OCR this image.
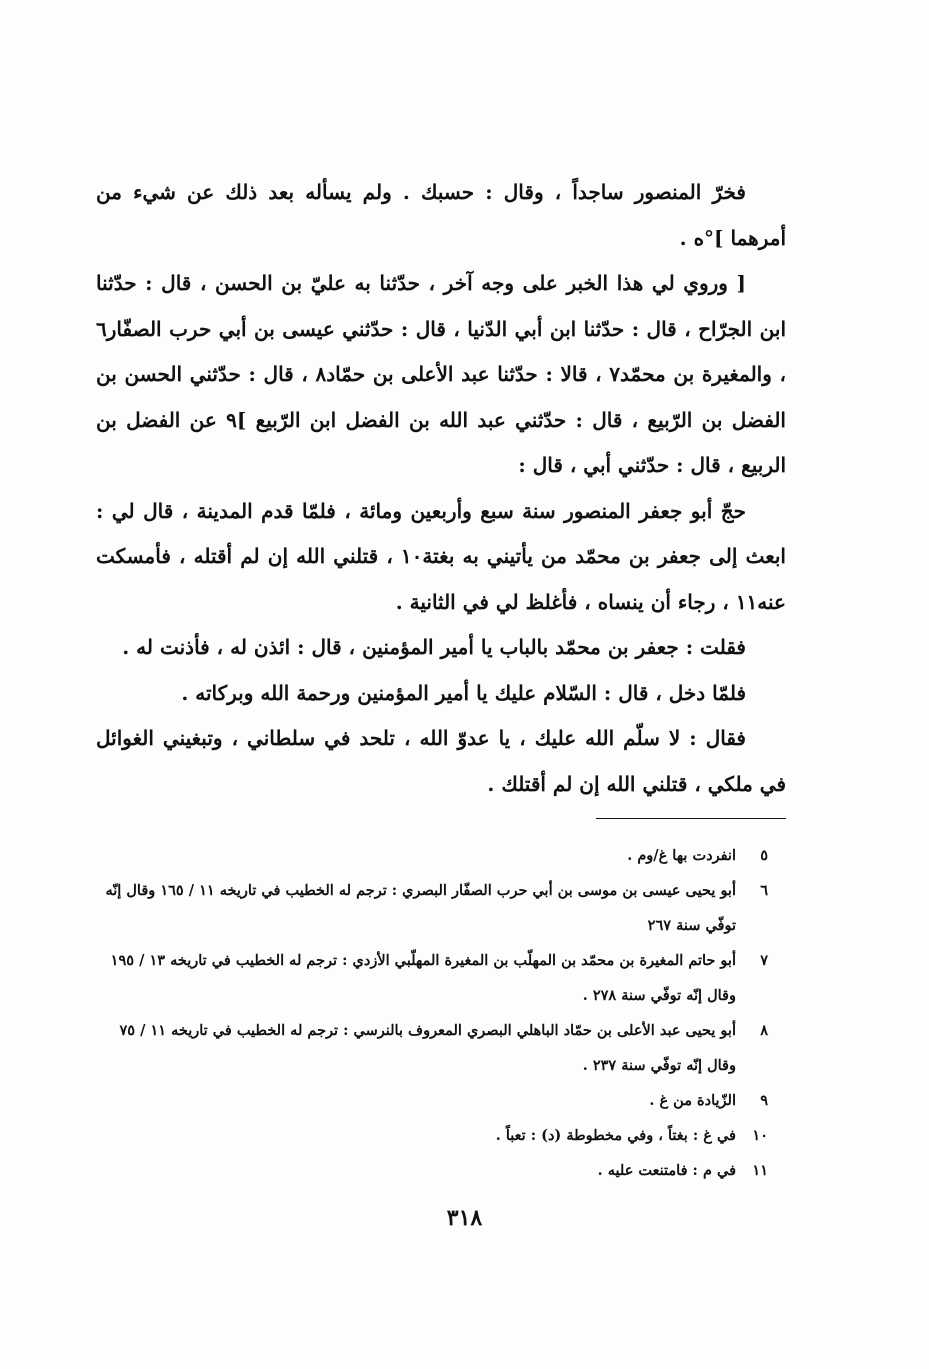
فخرّ المنصور ساجداً ، وقال : حسبك . ولم يسأله بعد ذلك عن شيء من أمرهما ]°ه .

[ وروي لي هذا الخبر على وجه آخر ، حدّثنا به عليّ بن الحسن ، قال : حدّثنا ابن الجرّاح ، قال : حدّثنا ابن أبي الدّنيا ، قال : حدّثني عيسى بن أبي حرب الصفّار٦ ، والمغيرة بن محمّد٧ ، قالا : حدّثنا عبد الأعلى بن حمّاد٨ ، قال : حدّثني الحسن بن الفضل بن الرّبيع ، قال : حدّثني عبد الله بن الفضل ابن الرّبيع ]٩ عن الفضل بن الربيع ، قال : حدّثني أبي ، قال :

حجّ أبو جعفر المنصور سنة سبع وأربعين ومائة ، فلمّا قدم المدينة ، قال لي : ابعث إلى جعفر بن محمّد من يأتيني به بغتة١٠ ، قتلني الله إن لم أقتله ، فأمسكت عنه١١ ، رجاء أن ينساه ، فأغلظ لي في الثانية .

فقلت : جعفر بن محمّد بالباب يا أمير المؤمنين ، قال : ائذن له ، فأذنت له .

فلمّا دخل ، قال : السّلام عليك يا أمير المؤمنين ورحمة الله وبركاته .

فقال : لا سلّم الله عليك ، يا عدوّ الله ، تلحد في سلطاني ، وتبغيني الغوائل في ملكي ، قتلني الله إن لم أقتلك .

٥
انفردت بها غ/وم .
٦
أبو يحيى عيسى بن موسى بن أبي حرب الصفّار البصري : ترجم له الخطيب في تاريخه ١١ / ١٦٥ وقال إنّه توفّي سنة ٢٦٧
٧
أبو حاتم المغيرة بن محمّد بن المهلّب بن المغيرة المهلّبي الأزدي : ترجم له الخطيب في تاريخه ١٣ / ١٩٥ وقال إنّه توفّي سنة ٢٧٨ .
٨
أبو يحيى عبد الأعلى بن حمّاد الباهلي البصري المعروف بالنرسي : ترجم له الخطيب في تاريخه ١١ / ٧٥ وقال إنّه توفّي سنة ٢٣٧ .
٩
الزّيادة من غ .
١٠
في غ : بغتاً ، وفي مخطوطة (د) : تعباً .
١١
في م : فامتنعت عليه .
٣١٨
